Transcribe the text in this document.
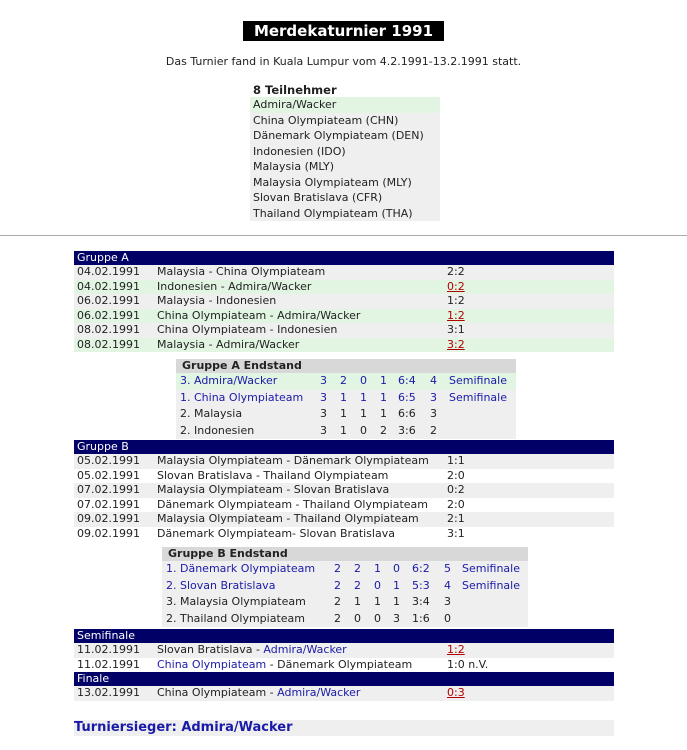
Merdekaturnier 1991
Das Turnier fand in Kuala Lumpur vom 4.2.1991-13.2.1991 statt.
8 Teilnehmer
Admira/Wacker
China Olympiateam (CHN)
Dänemark Olympiateam (DEN)
Indonesien (IDO)
Malaysia (MLY)
Malaysia Olympiateam (MLY)
Slovan Bratislava (CFR)
Thailand Olympiateam (THA)
Gruppe A
04.02.1991 Malaysia - China Olympiateam	2:2
04.02.1991 Indonesien - Admira/Wacker	0:2
06.02.1991 Malaysia - Indonesien	1:2
06.02.1991 China Olympiateam - Admira/Wacker	1:2
08.02.1991 China Olympiateam - Indonesien	3:1
08.02.1991 Malaysia - Admira/Wacker	3:2
Gruppe A Endstand
3. Admira/Wacker	3 2 0 1 6:4 4 Semifinale
1. China Olympiateam 3 1 1 1 6:5 3 Semifinale
2. Malaysia	3 1 1 1 6:6 3
2. Indonesien	3 1 0 2 3:6 2
Gruppe B
05.02.1991 Malaysia Olympiateam - Dänemark Olympiateam 1:1
05.02.1991 Slovan Bratislava - Thailand Olympiateam	2:0
07.02.1991 Malaysia Olympiateam - Slovan Bratislava	0:2
07.02.1991 Dänemark Olympiateam - Thailand Olympiateam 2:0
09.02.1991 Malaysia Olympiateam - Thailand Olympiateam	2:1
09.02.1991 Dänemark Olympiateam- Slovan Bratislava	3:1
Gruppe B Endstand
1. Dänemark Olympiateam 2 2 1 0 6:2 5 Semifinale
2. Slovan Bratislava	2 2 0 1 5:3 4 Semifinale
3. Malaysia Olympiateam	2 1 1 1 3:4 3
2. Thailand Olympiateam	2 0 0 3 1:6 0
Semifinale
11.02.1991 Slovan Bratislava - Admira/Wacker	1:2
11.02.1991 China Olympiateam - Dänemark Olympiateam	1:0 n.V.
Finale
13.02.1991 China Olympiateam - Admira/Wacker	0:3
Turniersieger: Admira/Wacker
